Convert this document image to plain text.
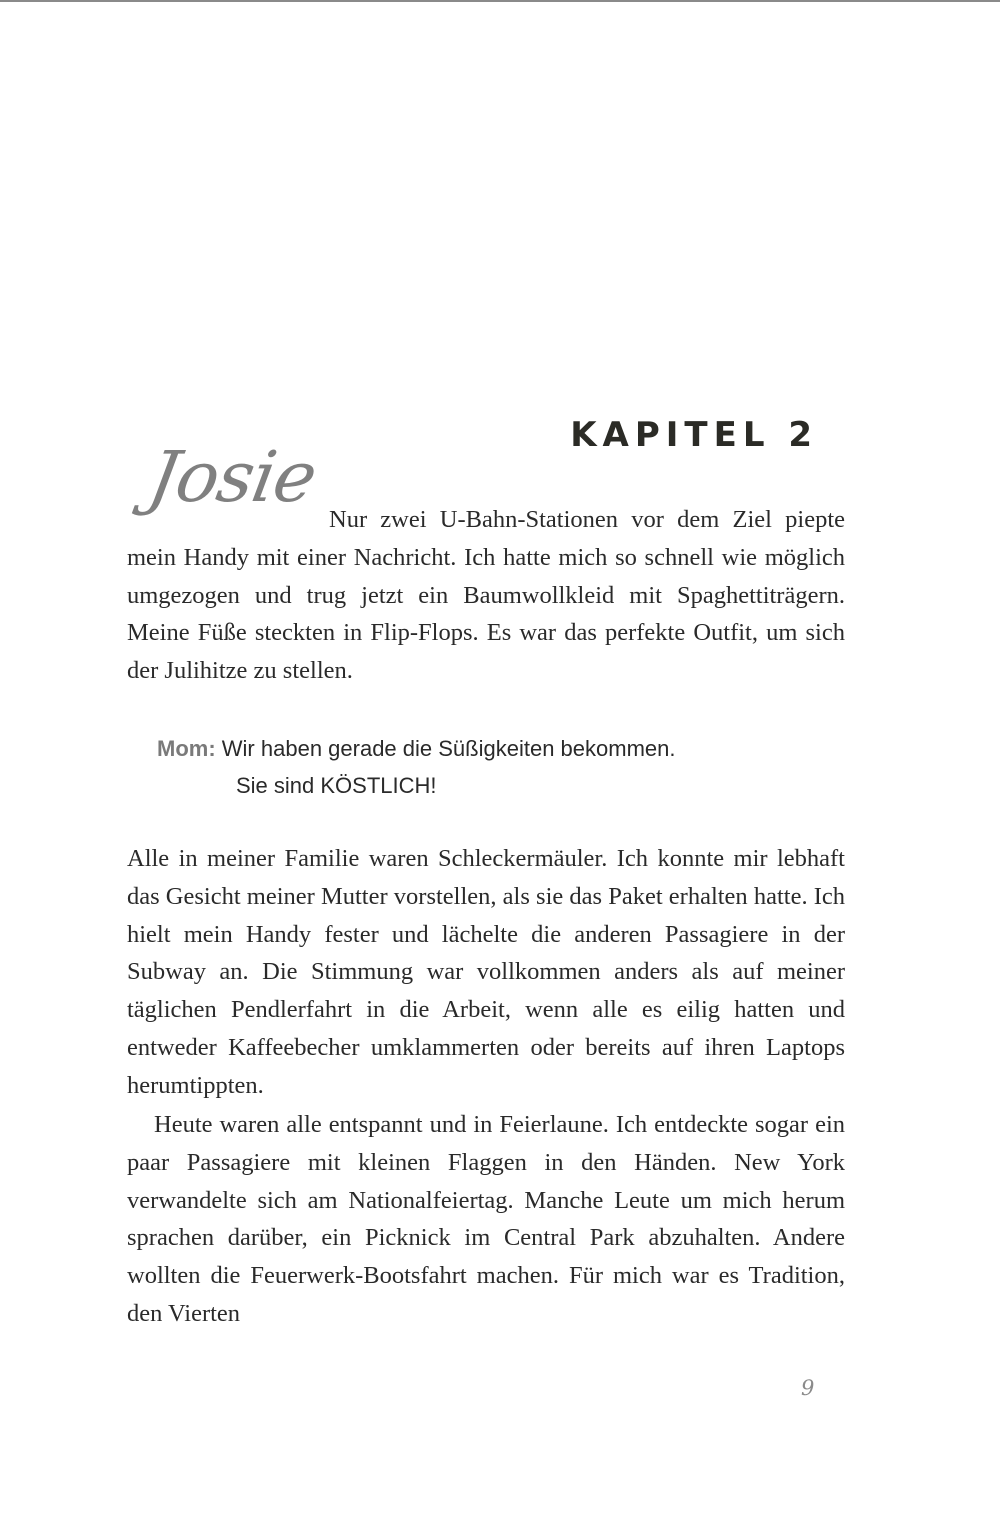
KAPITEL 2
Josie

Nur zwei U-Bahn-Stationen vor dem Ziel piepte mein Handy mit einer Nachricht. Ich hatte mich so schnell wie möglich umgezogen und trug jetzt ein Baumwollkleid mit Spaghettiträgern. Meine Füße steckten in Flip-Flops. Es war das perfekte Outfit, um sich der Julihitze zu stellen.

Mom: Wir haben gerade die Süßigkeiten bekommen.
Sie sind KÖSTLICH!

Alle in meiner Familie waren Schleckermäuler. Ich konnte mir lebhaft das Gesicht meiner Mutter vorstellen, als sie das Paket erhalten hatte. Ich hielt mein Handy fester und lächelte die anderen Passagiere in der Subway an. Die Stimmung war vollkommen anders als auf meiner täglichen Pendlerfahrt in die Arbeit, wenn alle es eilig hatten und entweder Kaffeebecher umklammerten oder bereits auf ihren Laptops herumtippten.

Heute waren alle entspannt und in Feierlaune. Ich entdeckte sogar ein paar Passagiere mit kleinen Flaggen in den Händen. New York verwandelte sich am Nationalfeiertag. Manche Leute um mich herum sprachen darüber, ein Picknick im Central Park abzuhalten. Andere wollten die Feuerwerk-Bootsfahrt machen. Für mich war es Tradition, den Vierten

9
